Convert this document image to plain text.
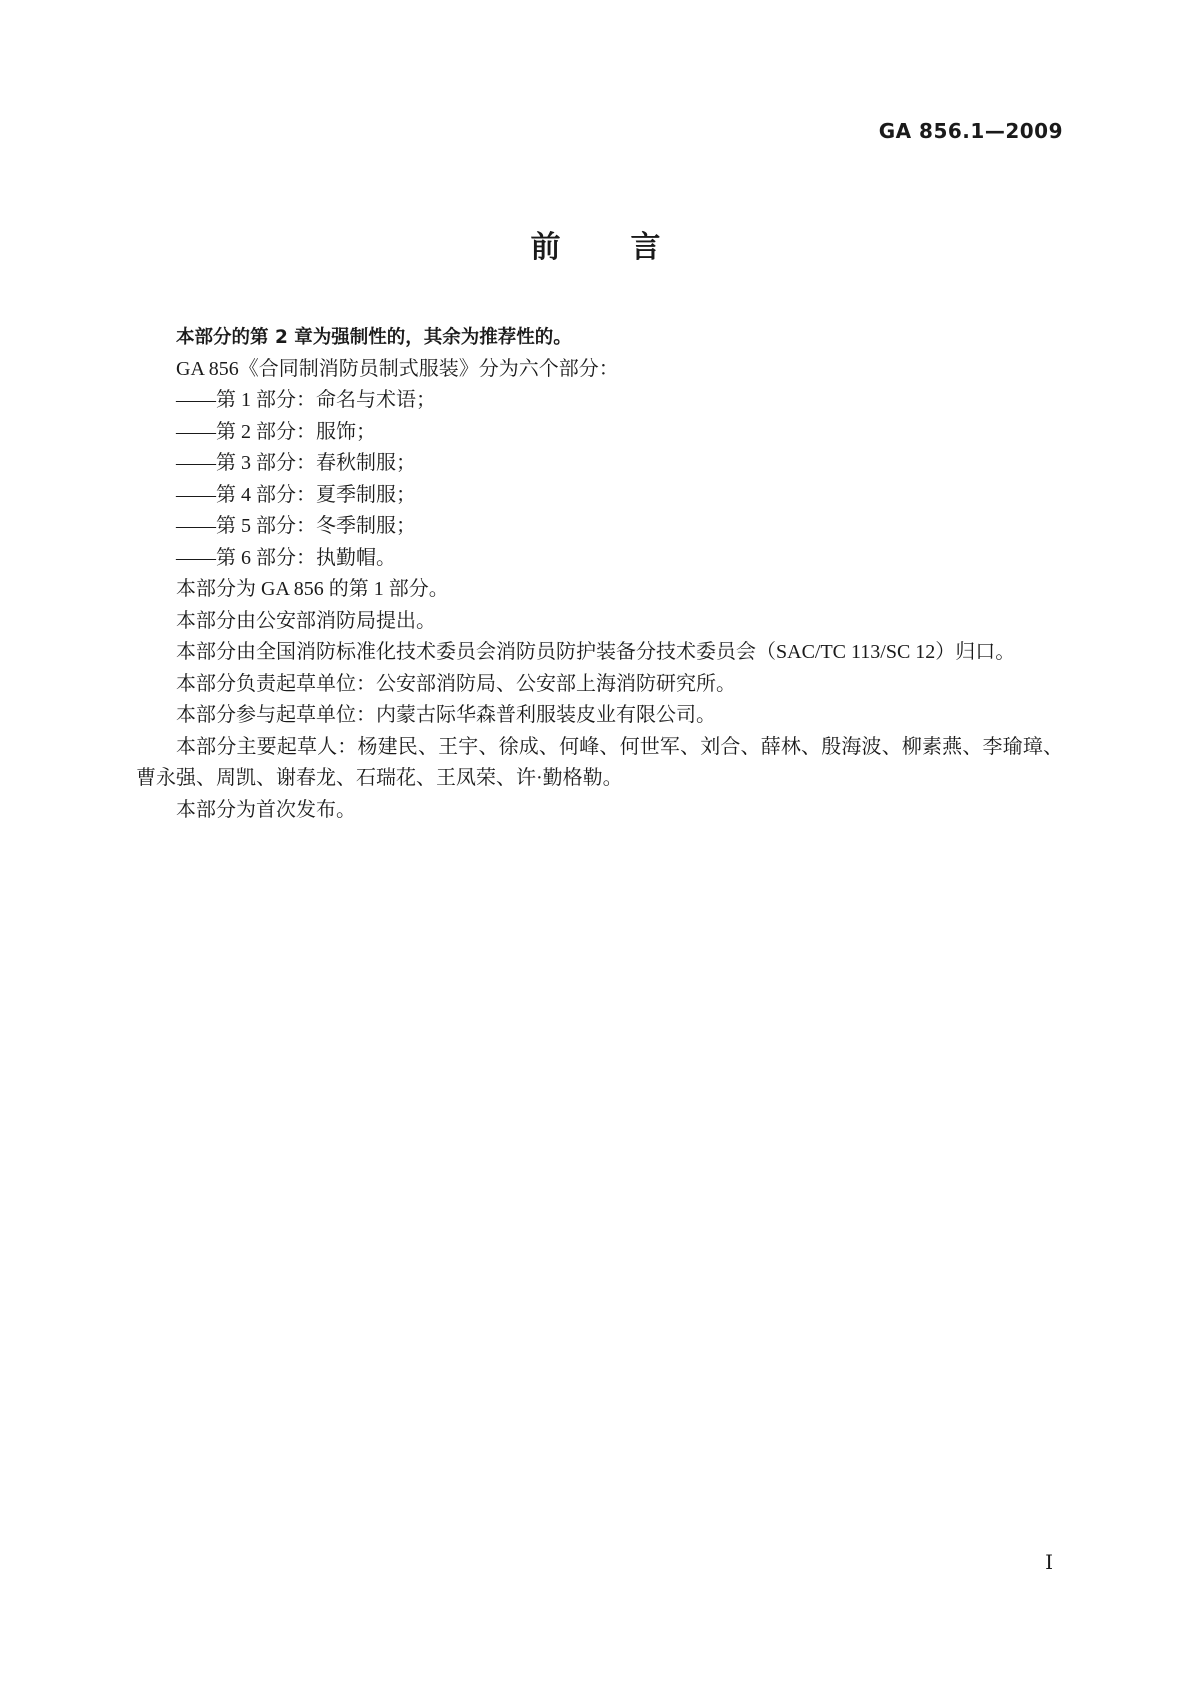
GA 856.1—2009
前　言

本部分的第 2 章为强制性的，其余为推荐性的。

GA 856《合同制消防员制式服装》分为六个部分：

——第 1 部分：命名与术语；

——第 2 部分：服饰；

——第 3 部分：春秋制服；

——第 4 部分：夏季制服；

——第 5 部分：冬季制服；

——第 6 部分：执勤帽。

本部分为 GA 856 的第 1 部分。

本部分由公安部消防局提出。

本部分由全国消防标准化技术委员会消防员防护装备分技术委员会（SAC/TC 113/SC 12）归口。

本部分负责起草单位：公安部消防局、公安部上海消防研究所。

本部分参与起草单位：内蒙古际华森普利服装皮业有限公司。

本部分主要起草人：杨建民、王宇、徐成、何峰、何世军、刘合、薛林、殷海波、柳素燕、李瑜璋、曹永强、周凯、谢春龙、石瑞花、王凤荣、许·勤格勒。

本部分为首次发布。

Ⅰ
